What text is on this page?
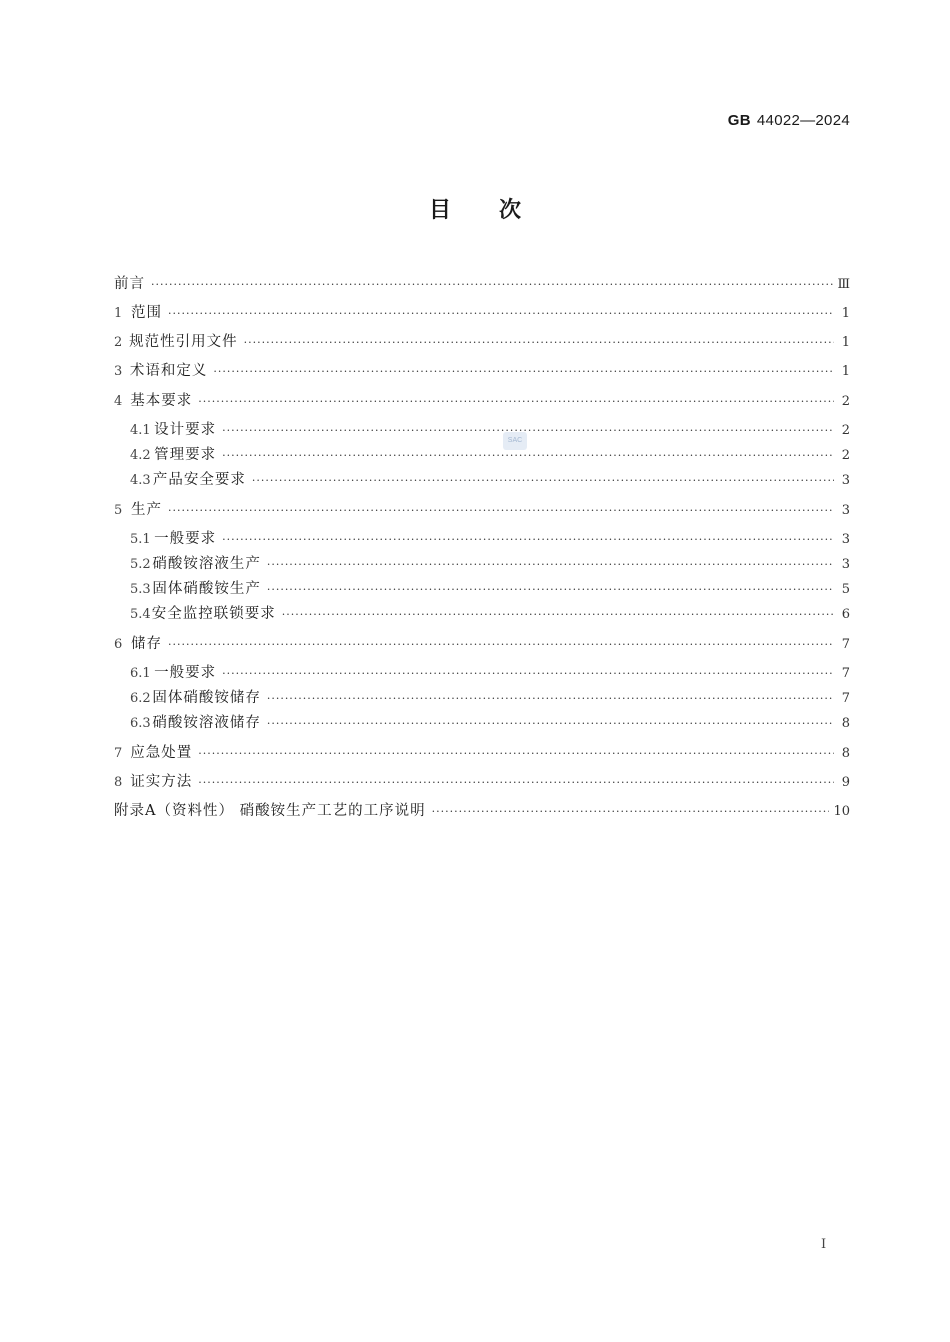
GB 44022—2024
目次
SAC
前言 ·····	Ⅲ
1 范围 ·····	1
2 规范性引用文件 ·····	1
3 术语和定义 ·····	1
4 基本要求 ·····	2
4.1 设计要求 ·····	2
4.2 管理要求 ·····	2
4.3 产品安全要求 ·····	3
5 生产 ·····	3
5.1 一般要求 ·····	3
5.2 硝酸铵溶液生产 ·····	3
5.3 固体硝酸铵生产 ·····	5
5.4 安全监控联锁要求 ·····	6
6 储存 ·····	7
6.1 一般要求 ·····	7
6.2 固体硝酸铵储存 ·····	7
6.3 硝酸铵溶液储存 ·····	8
7 应急处置 ·····	8
8 证实方法 ·····	9
附录A（资料性） 硝酸铵生产工艺的工序说明 ·····	10
I
